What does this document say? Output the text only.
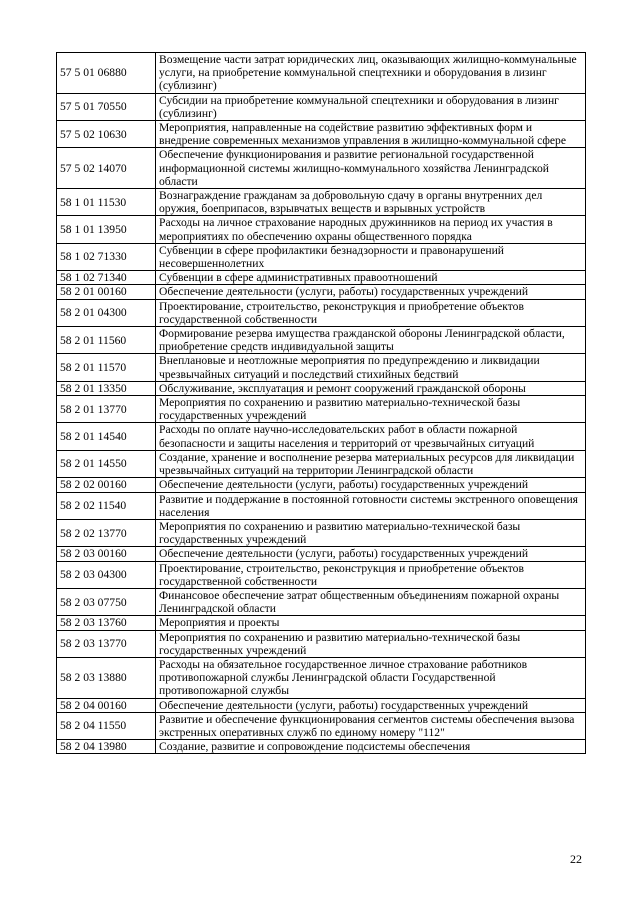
57 5 01 06880	Возмещение части затрат юридических лиц, оказывающих жилищно-коммунальные услуги, на приобретение коммунальной спецтехники и оборудования в лизинг (сублизинг)
57 5 01 70550	Субсидии на приобретение коммунальной спецтехники и оборудования в лизинг (сублизинг)
57 5 02 10630	Мероприятия, направленные на содействие развитию эффективных форм и внедрение современных механизмов управления в жилищно-коммунальной сфере
57 5 02 14070	Обеспечение функционирования и развитие региональной государственной информационной системы жилищно-коммунального хозяйства Ленинградской области
58 1 01 11530	Вознаграждение гражданам за добровольную сдачу в органы внутренних дел оружия, боеприпасов, взрывчатых веществ и взрывных устройств
58 1 01 13950	Расходы на личное страхование народных дружинников на период их участия в мероприятиях по обеспечению охраны общественного порядка
58 1 02 71330	Субвенции в сфере профилактики безнадзорности и правонарушений несовершеннолетних
58 1 02 71340	Субвенции в сфере административных правоотношений
58 2 01 00160	Обеспечение деятельности (услуги, работы) государственных учреждений
58 2 01 04300	Проектирование, строительство, реконструкция и приобретение объектов государственной собственности
58 2 01 11560	Формирование резерва имущества гражданской обороны Ленинградской области, приобретение средств индивидуальной защиты
58 2 01 11570	Внеплановые и неотложные мероприятия по предупреждению и ликвидации чрезвычайных ситуаций и последствий стихийных бедствий
58 2 01 13350	Обслуживание, эксплуатация и ремонт сооружений гражданской обороны
58 2 01 13770	Мероприятия по сохранению и развитию материально-технической базы государственных учреждений
58 2 01 14540	Расходы по оплате научно-исследовательских работ в области пожарной безопасности и защиты населения и территорий от чрезвычайных ситуаций
58 2 01 14550	Создание, хранение и восполнение резерва материальных ресурсов для ликвидации чрезвычайных ситуаций на территории Ленинградской области
58 2 02 00160	Обеспечение деятельности (услуги, работы) государственных учреждений
58 2 02 11540	Развитие и поддержание в постоянной готовности системы экстренного оповещения населения
58 2 02 13770	Мероприятия по сохранению и развитию материально-технической базы государственных учреждений
58 2 03 00160	Обеспечение деятельности (услуги, работы) государственных учреждений
58 2 03 04300	Проектирование, строительство, реконструкция и приобретение объектов государственной собственности
58 2 03 07750	Финансовое обеспечение затрат общественным объединениям пожарной охраны Ленинградской области
58 2 03 13760	Мероприятия и проекты
58 2 03 13770	Мероприятия по сохранению и развитию материально-технической базы государственных учреждений
58 2 03 13880	Расходы на обязательное государственное личное страхование работников противопожарной службы Ленинградской области Государственной противопожарной службы
58 2 04 00160	Обеспечение деятельности (услуги, работы) государственных учреждений
58 2 04 11550	Развитие и обеспечение функционирования сегментов системы обеспечения вызова экстренных оперативных служб по единому номеру "112"
58 2 04 13980	Создание, развитие и сопровождение подсистемы обеспечения
22
